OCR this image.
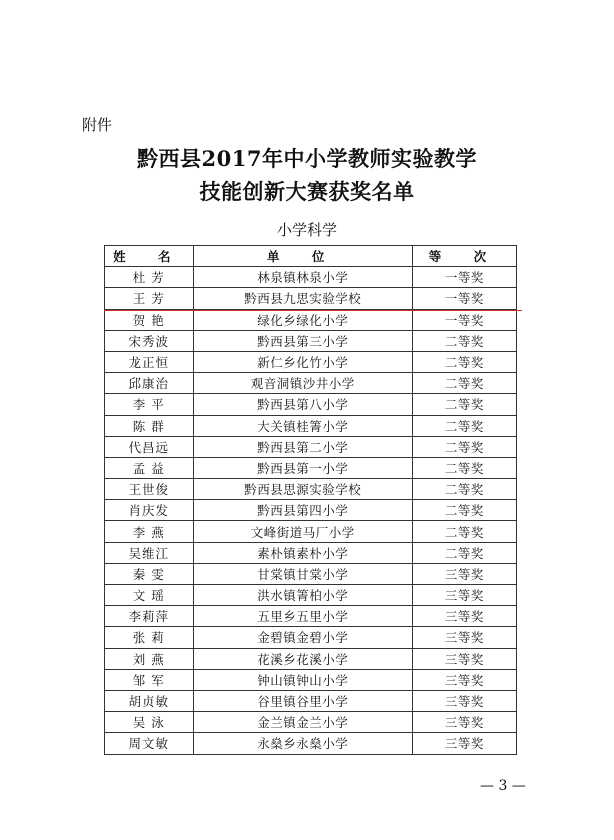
附件
黔西县2017年中小学教师实验教学
技能创新大赛获奖名单
小学科学
姓 名	单 位	等 次
杜 芳	林泉镇林泉小学	一等奖
王 芳	黔西县九思实验学校	一等奖
贺 艳	绿化乡绿化小学	一等奖
宋秀波	黔西县第三小学	二等奖
龙正恒	新仁乡化竹小学	二等奖
邱康治	观音洞镇沙井小学	二等奖
李 平	黔西县第八小学	二等奖
陈 群	大关镇桂箐小学	二等奖
代昌远	黔西县第二小学	二等奖
孟 益	黔西县第一小学	二等奖
王世俊	黔西县思源实验学校	二等奖
肖庆发	黔西县第四小学	二等奖
李 燕	文峰街道马厂小学	二等奖
吴维江	素朴镇素朴小学	二等奖
秦 雯	甘棠镇甘棠小学	三等奖
文 瑶	洪水镇箐柏小学	三等奖
李莉萍	五里乡五里小学	三等奖
张 莉	金碧镇金碧小学	三等奖
刘 燕	花溪乡花溪小学	三等奖
邹 军	钟山镇钟山小学	三等奖
胡贞敏	谷里镇谷里小学	三等奖
吴 泳	金兰镇金兰小学	三等奖
周文敏	永燊乡永燊小学	三等奖
— 3 —
